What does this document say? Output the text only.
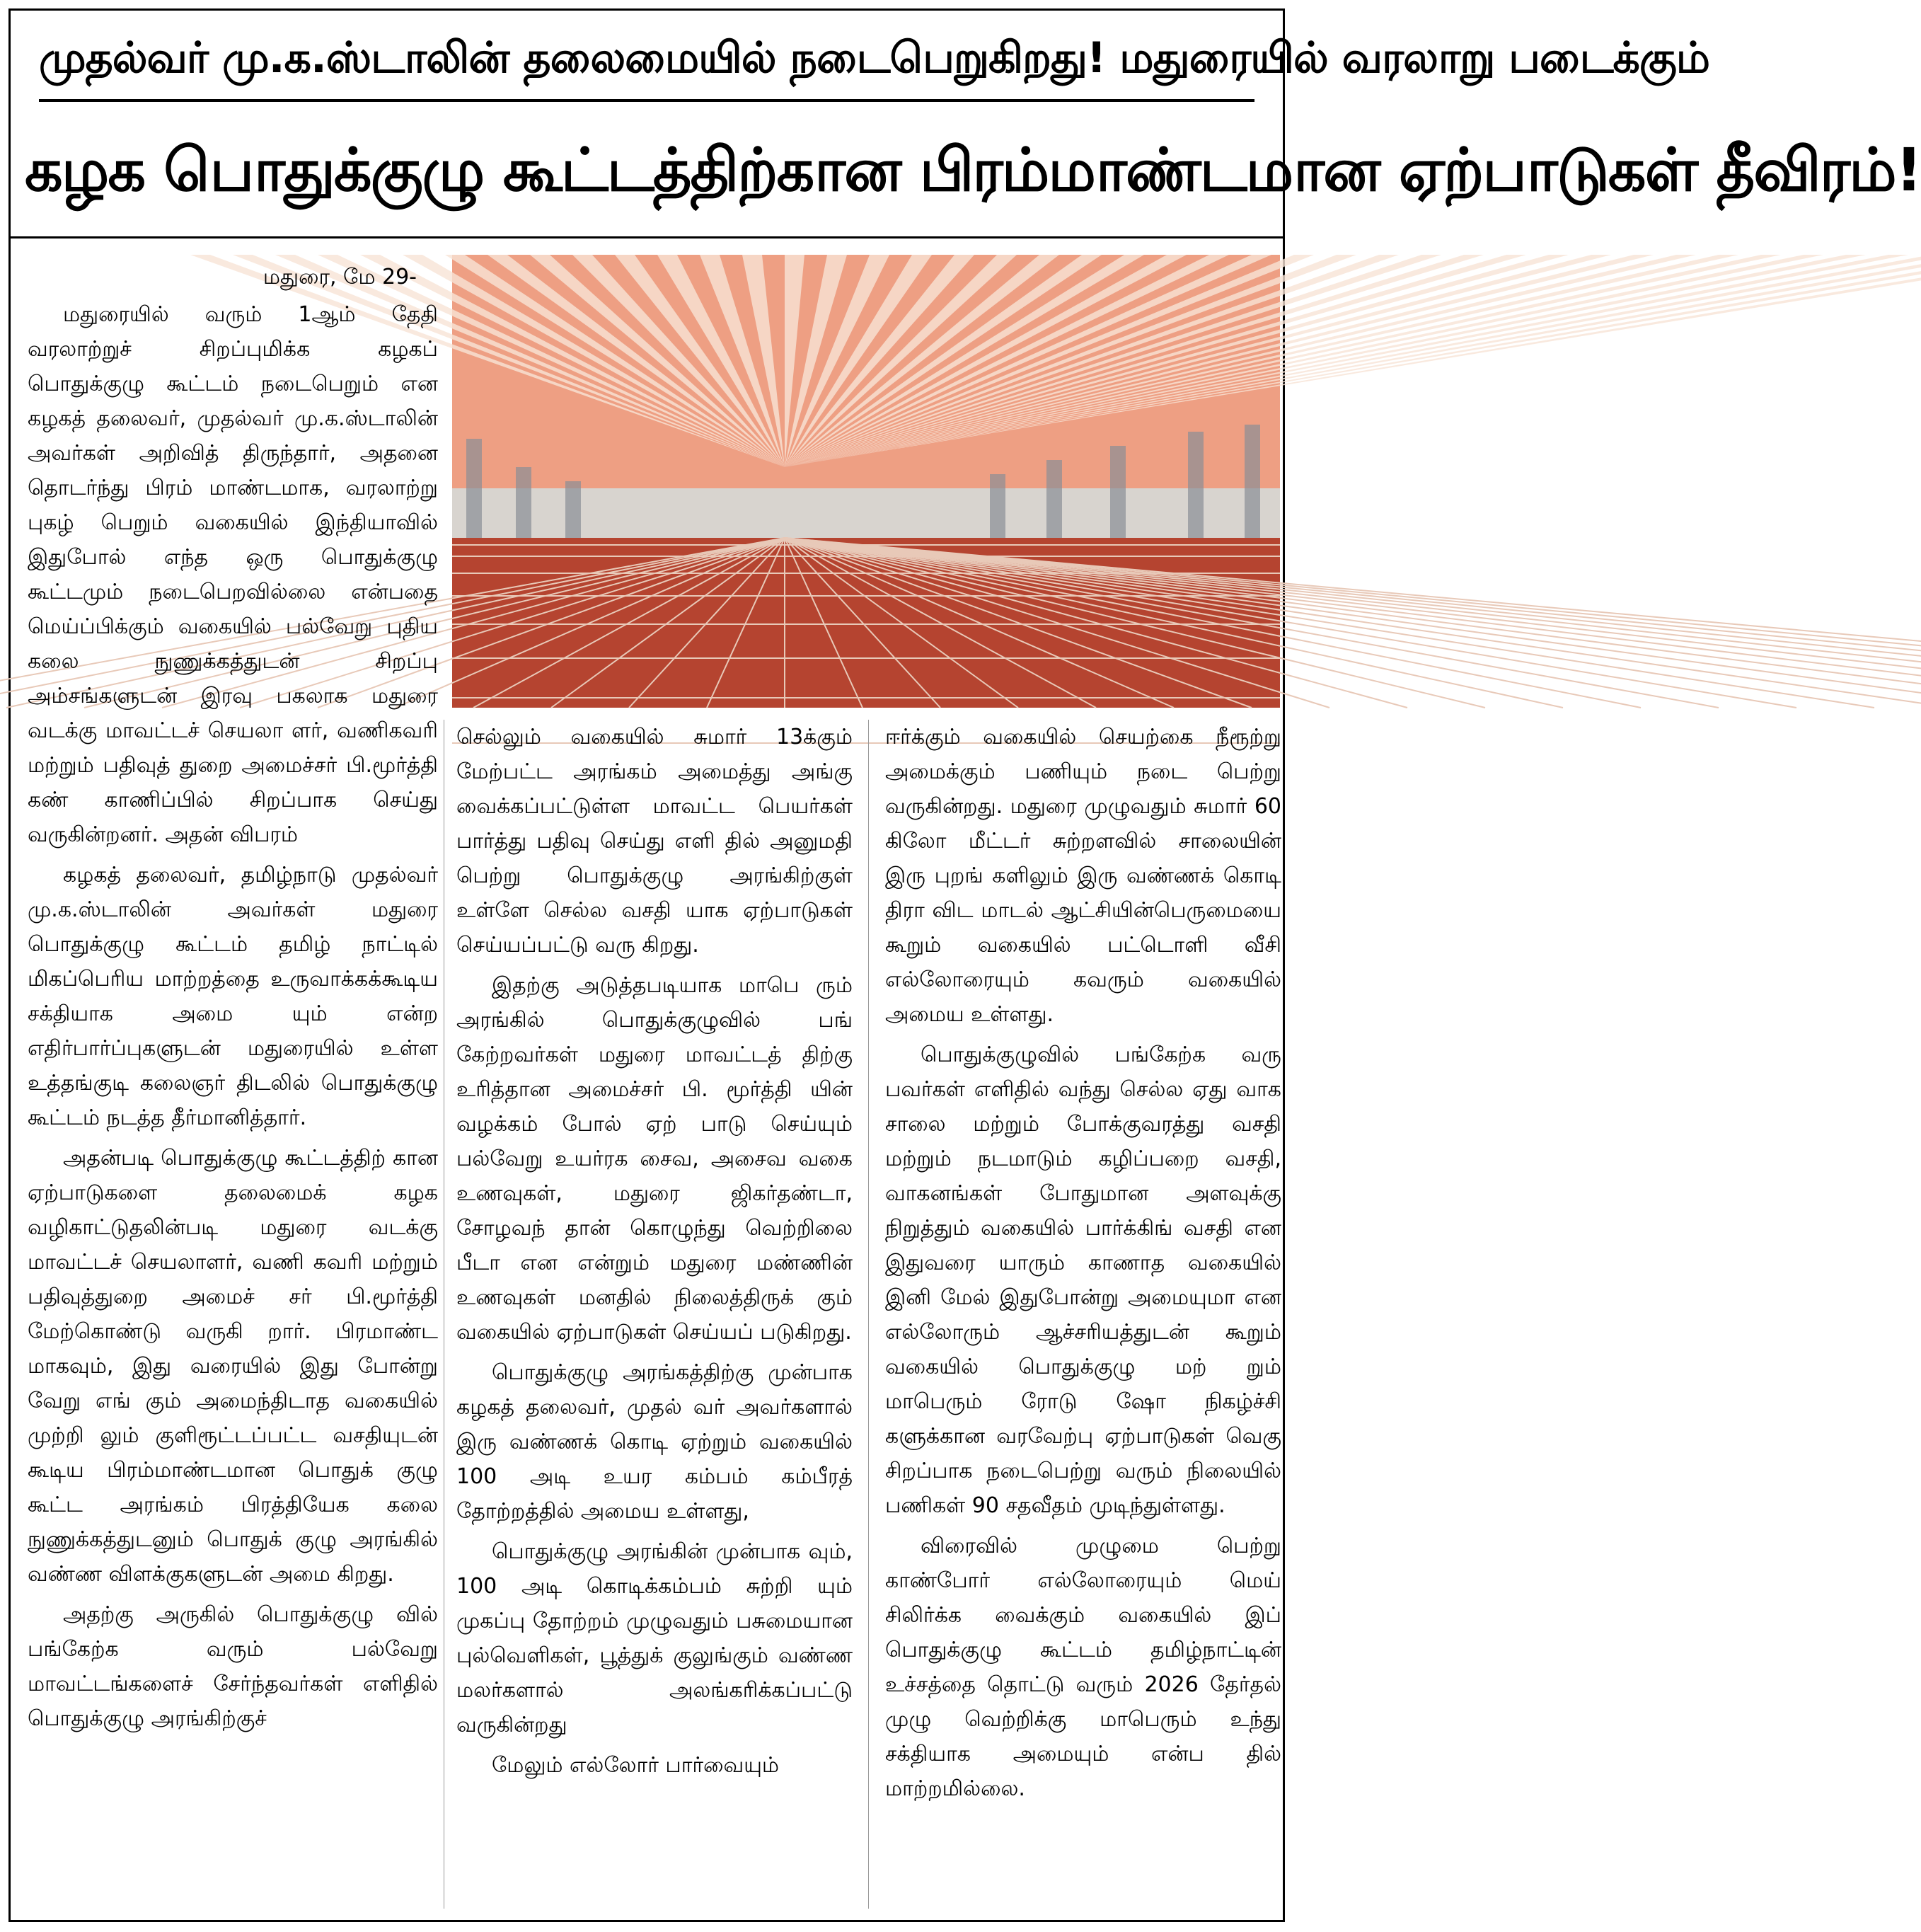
முதல்வர் மு.க.ஸ்டாலின் தலைமையில் நடைபெறுகிறது! மதுரையில் வரலாறு படைக்கும்
கழக பொதுக்குழு கூட்டத்திற்கான பிரம்மாண்டமான ஏற்பாடுகள் தீவிரம்!
மதுரை, மே 29-

மதுரையில் வரும் 1ஆம் தேதி வரலாற்றுச் சிறப்புமிக்க கழகப் பொதுக்குழு கூட்டம் நடைபெறும் என கழகத் தலைவர், முதல்வர் மு.க.ஸ்டாலின் அவர்கள் அறிவித் திருந்தார், அதனை தொடர்ந்து பிரம் மாண்டமாக, வரலாற்று புகழ் பெறும் வகையில் இந்தியாவில் இதுபோல் எந்த ஒரு பொதுக்குழு கூட்டமும் நடைபெறவில்லை என்பதை மெய்ப்பிக்கும் வகையில் பல்வேறு புதிய கலை நுணுக்கத்துடன் சிறப்பு அம்சங்களுடன் இரவு பகலாக மதுரை வடக்கு மாவட்டச் செயலா ளர், வணிகவரி மற்றும் பதிவுத் துறை அமைச்சர் பி.மூர்த்தி கண் காணிப்பில் சிறப்பாக செய்து வருகின்றனர். அதன் விபரம்

கழகத் தலைவர், தமிழ்நாடு முதல்வர் மு.க.ஸ்டாலின் அவர்கள் மதுரை பொதுக்குழு கூட்டம் தமிழ் நாட்டில் மிகப்பெரிய மாற்றத்தை உருவாக்கக்கூடிய சக்தியாக அமை யும் என்ற எதிர்பார்ப்புகளுடன் மதுரையில் உள்ள உத்தங்குடி கலைஞர் திடலில் பொதுக்குழு கூட்டம் நடத்த தீர்மானித்தார்.

அதன்படி பொதுக்குழு கூட்டத்திற் கான ஏற்பாடுகளை தலைமைக் கழக வழிகாட்டுதலின்படி மதுரை வடக்கு மாவட்டச் செயலாளர், வணி கவரி மற்றும் பதிவுத்துறை அமைச் சர் பி.மூர்த்தி மேற்கொண்டு வருகி றார். பிரமாண்ட மாகவும், இது வரையில் இது போன்று வேறு எங் கும் அமைந்திடாத வகையில் முற்றி லும் குளிரூட்டப்பட்ட வசதியுடன் கூடிய பிரம்மாண்டமான பொதுக் குழு கூட்ட அரங்கம் பிரத்தியேக கலை நுணுக்கத்துடனும் பொதுக் குழு அரங்கில் வண்ண விளக்குகளுடன் அமை கிறது.

அதற்கு அருகில் பொதுக்குழு வில் பங்கேற்க வரும் பல்வேறு மாவட்டங்களைச் சேர்ந்தவர்கள் எளிதில் பொதுக்குழு அரங்கிற்குச்

செல்லும் வகையில் சுமார் 13க்கும் மேற்பட்ட அரங்கம் அமைத்து அங்கு வைக்கப்பட்டுள்ள மாவட்ட பெயர்கள் பார்த்து பதிவு செய்து எளி தில் அனுமதி பெற்று பொதுக்குழு அரங்கிற்குள் உள்ளே செல்ல வசதி யாக ஏற்பாடுகள் செய்யப்பட்டு வரு கிறது.

இதற்கு அடுத்தபடியாக மாபெ ரும் அரங்கில் பொதுக்குழுவில் பங் கேற்றவர்கள் மதுரை மாவட்டத் திற்கு உரித்தான அமைச்சர் பி. மூர்த்தி யின் வழக்கம் போல் ஏற் பாடு செய்யும் பல்வேறு உயர்ரக சைவ, அசைவ வகை உணவுகள், மதுரை ஜிகர்தண்டா, சோழவந் தான் கொழுந்து வெற்றிலை பீடா என என்றும் மதுரை மண்ணின் உணவுகள் மனதில் நிலைத்திருக் கும் வகையில் ஏற்பாடுகள் செய்யப் படுகிறது.

பொதுக்குழு அரங்கத்திற்கு முன்பாக கழகத் தலைவர், முதல் வர் அவர்களால் இரு வண்ணக் கொடி ஏற்றும் வகையில் 100 அடி உயர கம்பம் கம்பீரத் தோற்றத்தில் அமைய உள்ளது,

பொதுக்குழு அரங்கின் முன்பாக வும், 100 அடி கொடிக்கம்பம் சுற்றி யும் முகப்பு தோற்றம் முழுவதும் பசுமையான புல்வெளிகள், பூத்துக் குலுங்கும் வண்ண மலர்களால் அலங்கரிக்கப்பட்டு வருகின்றது

மேலும் எல்லோர் பார்வையும்

ஈர்க்கும் வகையில் செயற்கை நீரூற்று அமைக்கும் பணியும் நடை பெற்று வருகின்றது. மதுரை முழுவதும் சுமார் 60 கிலோ மீட்டர் சுற்றளவில் சாலையின் இரு புறங் களிலும் இரு வண்ணக் கொடி திரா விட மாடல் ஆட்சியின்பெருமையை கூறும் வகையில் பட்டொளி வீசி எல்லோரையும் கவரும் வகையில் அமைய உள்ளது.

பொதுக்குழுவில் பங்கேற்க வரு பவர்கள் எளிதில் வந்து செல்ல ஏது வாக சாலை மற்றும் போக்குவரத்து வசதி மற்றும் நடமாடும் கழிப்பறை வசதி, வாகனங்கள் போதுமான அளவுக்கு நிறுத்தும் வகையில் பார்க்கிங் வசதி என இதுவரை யாரும் காணாத வகையில் இனி மேல் இதுபோன்று அமையுமா என எல்லோரும் ஆச்சரியத்துடன் கூறும் வகையில் பொதுக்குழு மற் றும் மாபெரும் ரோடு ஷோ நிகழ்ச்சி களுக்கான வரவேற்பு ஏற்பாடுகள் வெகு சிறப்பாக நடைபெற்று வரும் நிலையில் பணிகள் 90 சதவீதம் முடிந்துள்ளது.

விரைவில் முழுமை பெற்று காண்போர் எல்லோரையும் மெய் சிலிர்க்க வைக்கும் வகையில் இப் பொதுக்குழு கூட்டம் தமிழ்நாட்டின் உச்சத்தை தொட்டு வரும் 2026 தேர்தல் முழு வெற்றிக்கு மாபெரும் உந்து சக்தியாக அமையும் என்ப தில் மாற்றமில்லை.
